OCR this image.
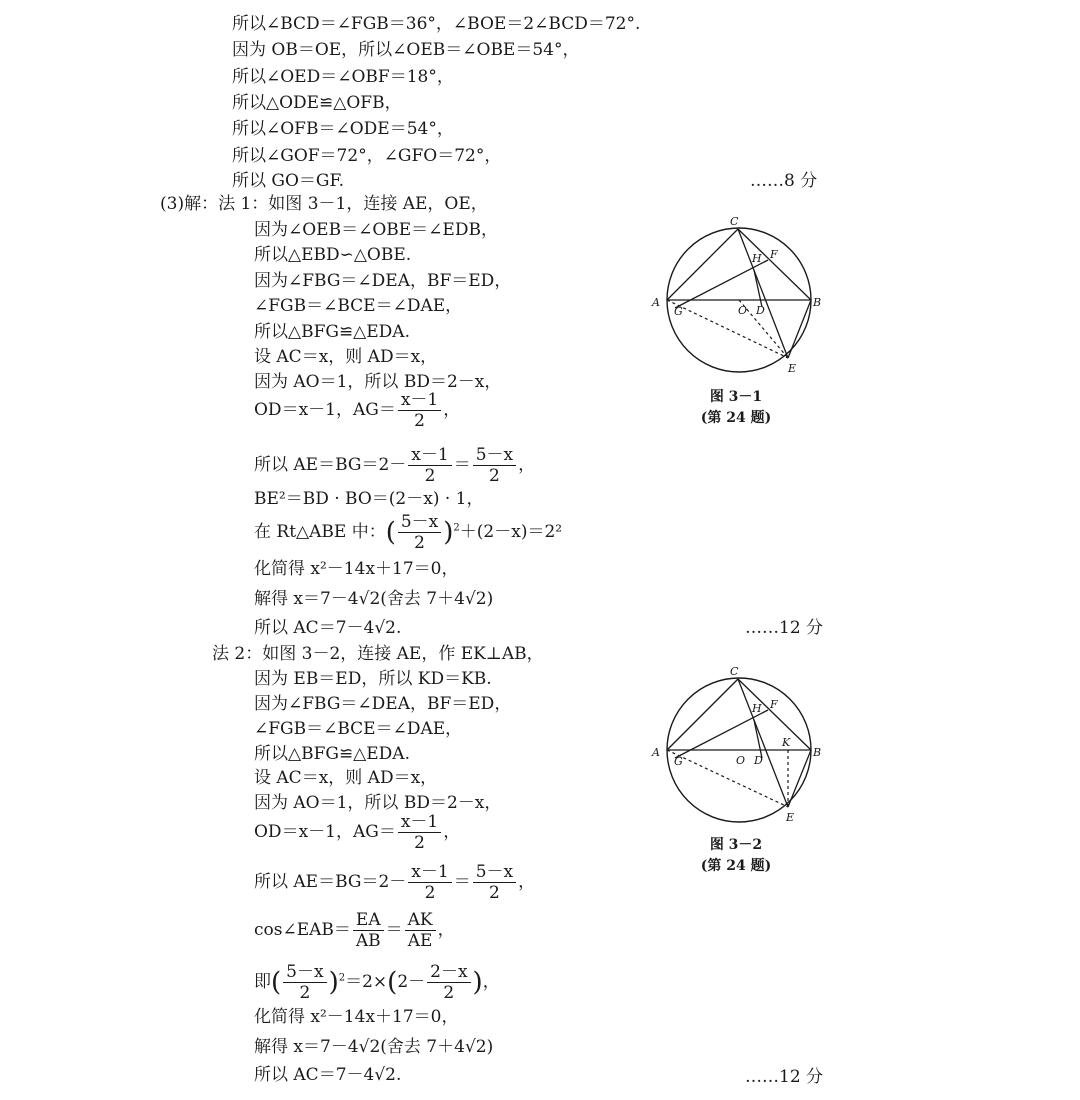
所以∠BCD＝∠FGB＝36°，∠BOE＝2∠BCD＝72°.
因为 OB＝OE，所以∠OEB＝∠OBE＝54°，
所以∠OED＝∠OBF＝18°，
所以△ODE≌△OFB，
所以∠OFB＝∠ODE＝54°，
所以∠GOF＝72°，∠GFO＝72°，
所以 GO＝GF.	……8 分
(3)解：法 1：如图 3－1，连接 AE，OE，
因为∠OEB＝∠OBE＝∠EDB，
所以△EBD∽△OBE.
因为∠FBG＝∠DEA，BF＝ED，
∠FGB＝∠BCE＝∠DAE，
所以△BFG≌△EDA.
设 AC＝x，则 AD＝x，
因为 AO＝1，所以 BD＝2－x，
OD＝x－1，$AG= \frac{x-1}{2}$ ，
所以 $AE=BG=2- \frac{x-1}{2} = \frac{5-x}{2}$ ，
BE²＝BD · BO＝(2－x) · 1，
在 Rt△ABE 中：( $\frac{5-x}{2} )^2+(2-x)=2^2$
化简得 x²－14x＋17＝0，
解得 x＝7－4√2(舍去 7＋4√2)
所以 AC＝7－4√2.	……12 分
法 2：如图 3－2，连接 AE，作 EK⊥AB，
因为 EB＝ED，所以 KD＝KB.
因为∠FBG＝∠DEA，BF＝ED，
∠FGB＝∠BCE＝∠DAE，
所以△BFG≌△EDA.
设 AC＝x，则 AD＝x，
因为 AO＝1，所以 BD＝2－x，
OD＝x－1，$AG= \frac{x-1}{2}$ ，
所以 $AE=BG=2- \frac{x-1}{2} = \frac{5-x}{2}$ ，
cos∠EAB＝ $\frac{EA}{AB} = \frac{AK}{AE}$ ，
即( $\frac{5-x}{2} )^2=2\times(2- \frac{2-x}{2}$ )，
化简得 x²－14x＋17＝0，
解得 x＝7－4√2(舍去 7＋4√2)
所以 AC＝7－4√2.	……12 分
A	B
C
E
F
H
G	O D
图 3－1
(第 24 题)
A	B
C
E
F
H
G	O D
K
图 3－2
(第 24 题)
